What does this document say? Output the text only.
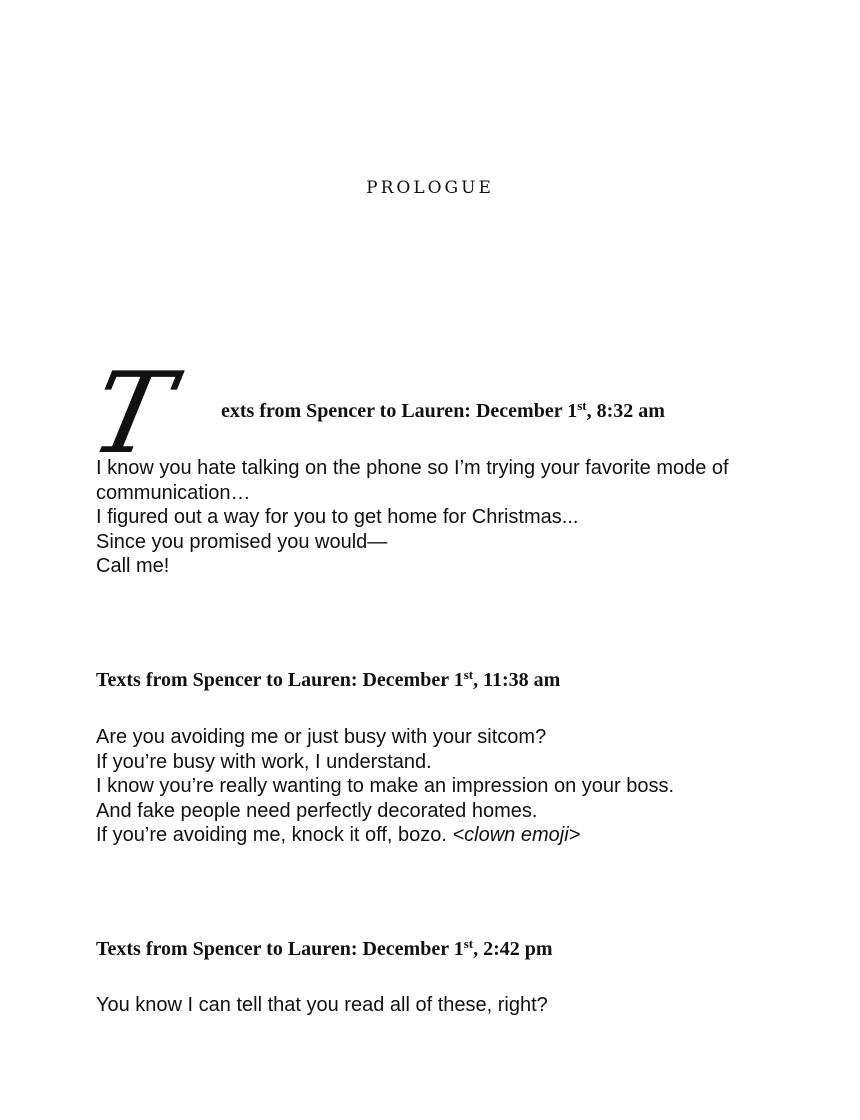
PROLOGUE
T exts from Spencer to Lauren: December 1st, 8:32 am
I know you hate talking on the phone so I’m trying your favorite mode of communication…
I figured out a way for you to get home for Christmas...
Since you promised you would—
Call me!
Texts from Spencer to Lauren: December 1st, 11:38 am
Are you avoiding me or just busy with your sitcom?
If you’re busy with work, I understand.
I know you’re really wanting to make an impression on your boss.
And fake people need perfectly decorated homes.
If you’re avoiding me, knock it off, bozo. <clown emoji>
Texts from Spencer to Lauren: December 1st, 2:42 pm
You know I can tell that you read all of these, right?
